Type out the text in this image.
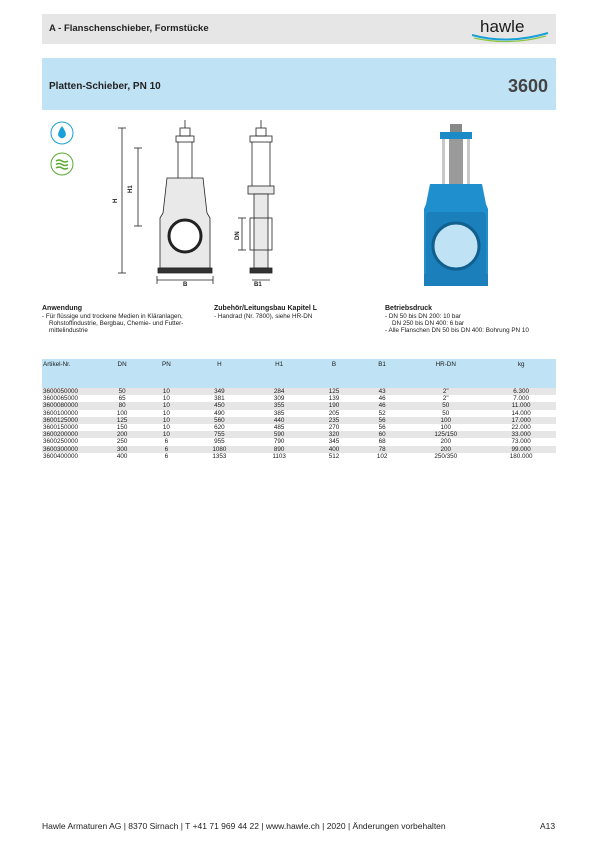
A - Flanschenschieber, Formstücke	hawle
Platten-Schieber, PN 10	3600
H
H1
B
DN
B1
Anwendung
- Für flüssige und trockene Medien in Kläranlagen, Rohstoffindustrie, Bergbau, Chemie- und Futter-mittelindustrie
Zubehör/Leitungsbau Kapitel L
- Handrad (Nr. 7800), siehe HR-DN
Betriebsdruck
- DN 50 bis DN 200: 10 bar
DN 250 bis DN 400: 6 bar
- Alle Flanschen DN 50 bis DN 400: Bohrung PN 10
Artikel-Nr.	DN	PN	H	H1	B	B1	HR-DN	kg
3600050000	50	10	349	284	125	43	2"	6.300
3600065000	65	10	381	309	139	46	2"	7.000
3600080000	80	10	450	355	190	46	50	11.000
3600100000	100	10	490	385	205	52	50	14.000
3600125000	125	10	560	440	235	56	100	17.000
3600150000	150	10	620	485	270	56	100	22.000
3600200000	200	10	755	590	320	60	125/150	33.000
3600250000	250	6	955	790	345	68	200	73.000
3600300000	300	6	1080	890	400	78	200	99.000
3600400000	400	6	1353	1103	512	102	250/350	180.000
Hawle Armaturen AG | 8370 Sirnach | T +41 71 969 44 22 | www.hawle.ch | 2020 | Änderungen vorbehalten	A13
